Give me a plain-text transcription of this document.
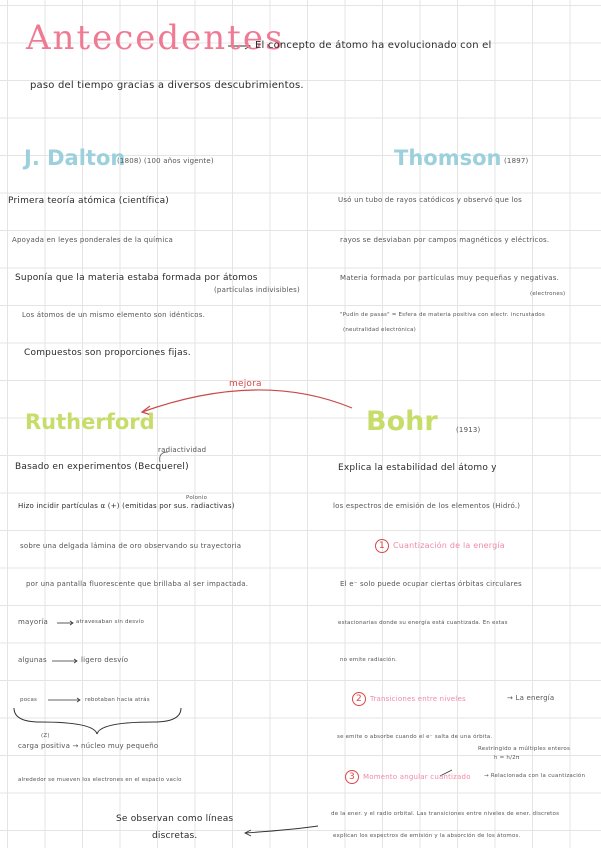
Antecedentes
El concepto de átomo ha evolucionado con el
paso del tiempo gracias a diversos descubrimientos.
J. Dalton
(1808) (100 años vigente)
Primera teoría atómica (científica)
Apoyada en leyes ponderales de la química
Suponía que la materia estaba formada por átomos
(partículas indivisibles)
Los átomos de un mismo elemento son idénticos.
Compuestos son proporciones fijas.
Thomson (1897)
Usó un tubo de rayos catódicos y observó que los
rayos se desviaban por campos magnéticos y eléctricos.
Materia formada por partículas muy pequeñas y negativas.
(electrones)
"Pudín de pasas" = Esfera de materia positiva con electr. incrustados
(neutralidad electrónica)
mejora
Rutherford
radiactividad
Basado en experimentos (Becquerel)
Polonio
Hizo incidir partículas α (+) (emitidas por sus. radiactivas)
sobre una delgada lámina de oro observando su trayectoria
por una pantalla fluorescente que brillaba al ser impactada.
mayoría	atravesaban sin desvío
algunas	ligero desvío
pocas	rebotaban hacia atrás
(Z)
carga positiva → núcleo muy pequeño
alrededor se mueven los electrones en el espacio vacío
Se observan como líneas
discretas.
Bohr	(1913)
Explica la estabilidad del átomo y
los espectros de emisión de los elementos (Hidró.)
1 Cuantización de la energía
El e⁻ solo puede ocupar ciertas órbitas circulares
estacionarias donde su energía está cuantizada. En estas
no emite radiación.
2 Transiciones entre niveles	→ La energía
se emite o absorbe cuando el e⁻ salta de una órbita.
Restringido a múltiples enteros
h = h/2π
3 Momento angular cuantizado → Relacionada con la cuantización
de la ener. y el radio orbital. Las transiciones entre niveles de ener. discretos
explican los espectros de emisión y la absorción de los átomos.
